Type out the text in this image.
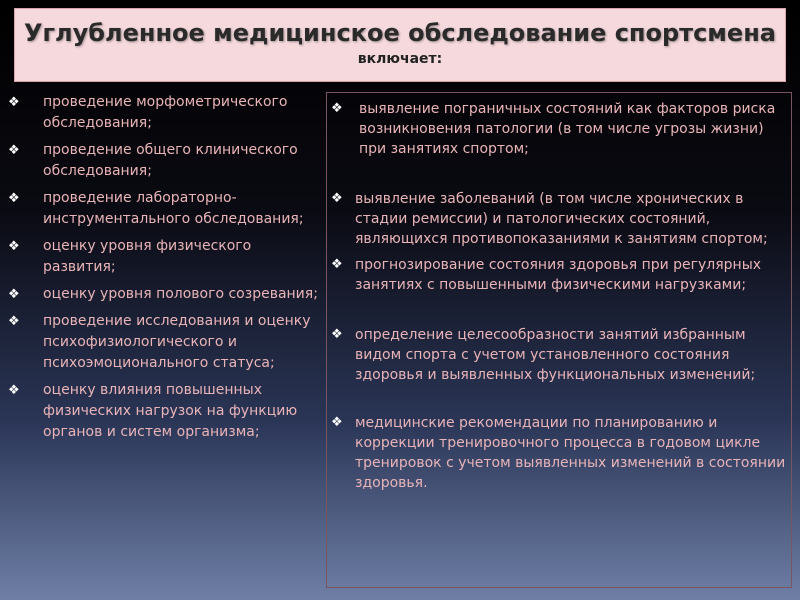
Углубленное медицинское обследование спортсмена
включает:
❖ проведение морфометрического обследования;
❖ проведение общего клинического обследования;
❖ проведение лабораторно-инструментального обследования;
❖ оценку уровня физического развития;
❖ оценку уровня полового созревания;
❖ проведение исследования и оценку психофизиологического и психоэмоционального статуса;
❖ оценку влияния повышенных физических нагрузок на функцию органов и систем организма;
❖ выявление пограничных состояний как факторов риска возникновения патологии (в том числе угрозы жизни) при занятиях спортом;
❖ выявление заболеваний (в том числе хронических в стадии ремиссии) и патологических состояний, являющихся противопоказаниями к занятиям спортом;
❖ прогнозирование состояния здоровья при регулярных занятиях с повышенными физическими нагрузками;
❖ определение целесообразности занятий избранным видом спорта с учетом установленного состояния здоровья и выявленных функциональных изменений;
❖ медицинские рекомендации по планированию и коррекции тренировочного процесса в годовом цикле тренировок с учетом выявленных изменений в состоянии здоровья.
